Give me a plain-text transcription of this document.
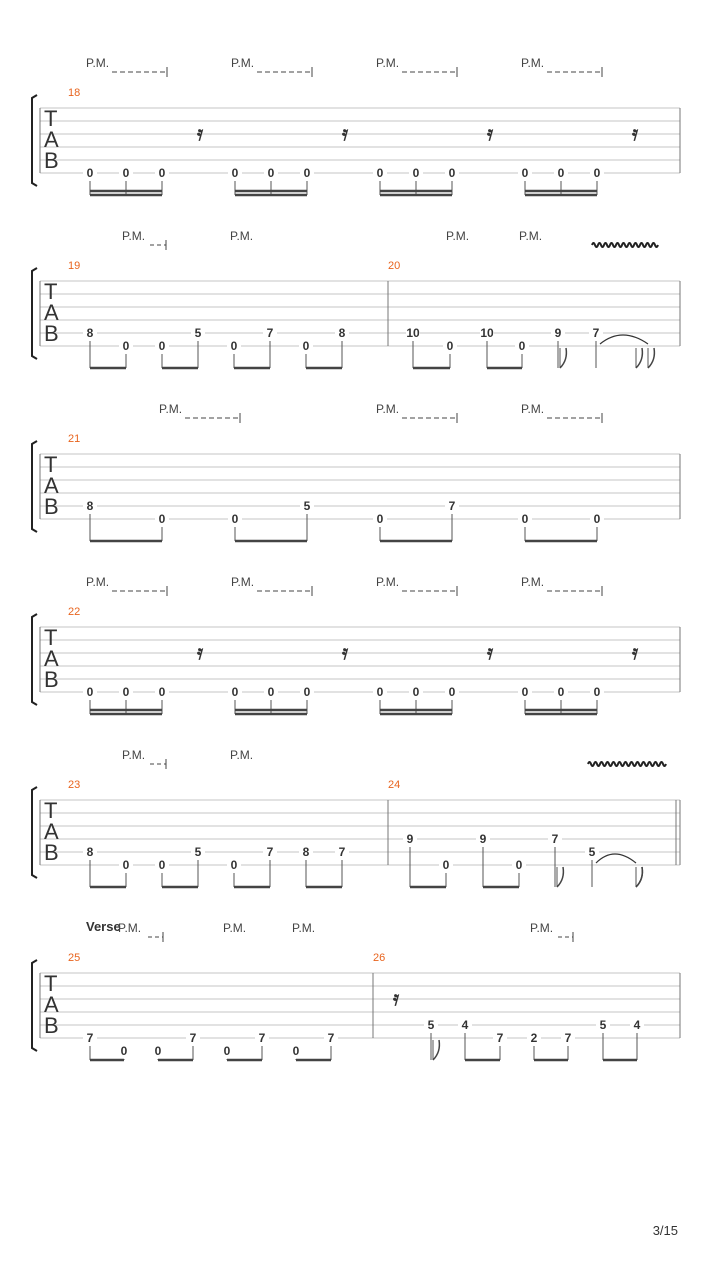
T
A
B
18
P.M.	P.M.	P.M.	P.M.
𝄿	𝄿	𝄿	𝄿
0 0 0	0 0 0	0 0 0	0 0 0
T
A
B
19	20
P.M.	P.M.	P.M.	P.M.
8
0 0
5
0
7
0
8	10
0
10
0
9	7
T
A
B
21
P.M.	P.M.	P.M.
8
0	0
5
0
7
0	0
T
A
B
22
P.M.	P.M.	P.M.	P.M.
𝄿	𝄿	𝄿	𝄿
0 0 0	0 0 0	0 0 0	0 0 0
T
A
B
23	24
P.M.	P.M.
8
0 0
5
0
7 8 7
9
0
9
0
7
5
T
A
B
25	26
Verse
P.M.	P.M.	P.M.	P.M.
𝄿
7
0 0
7
0
7
0
7
5 4
7 2 7
5 4
3/15
